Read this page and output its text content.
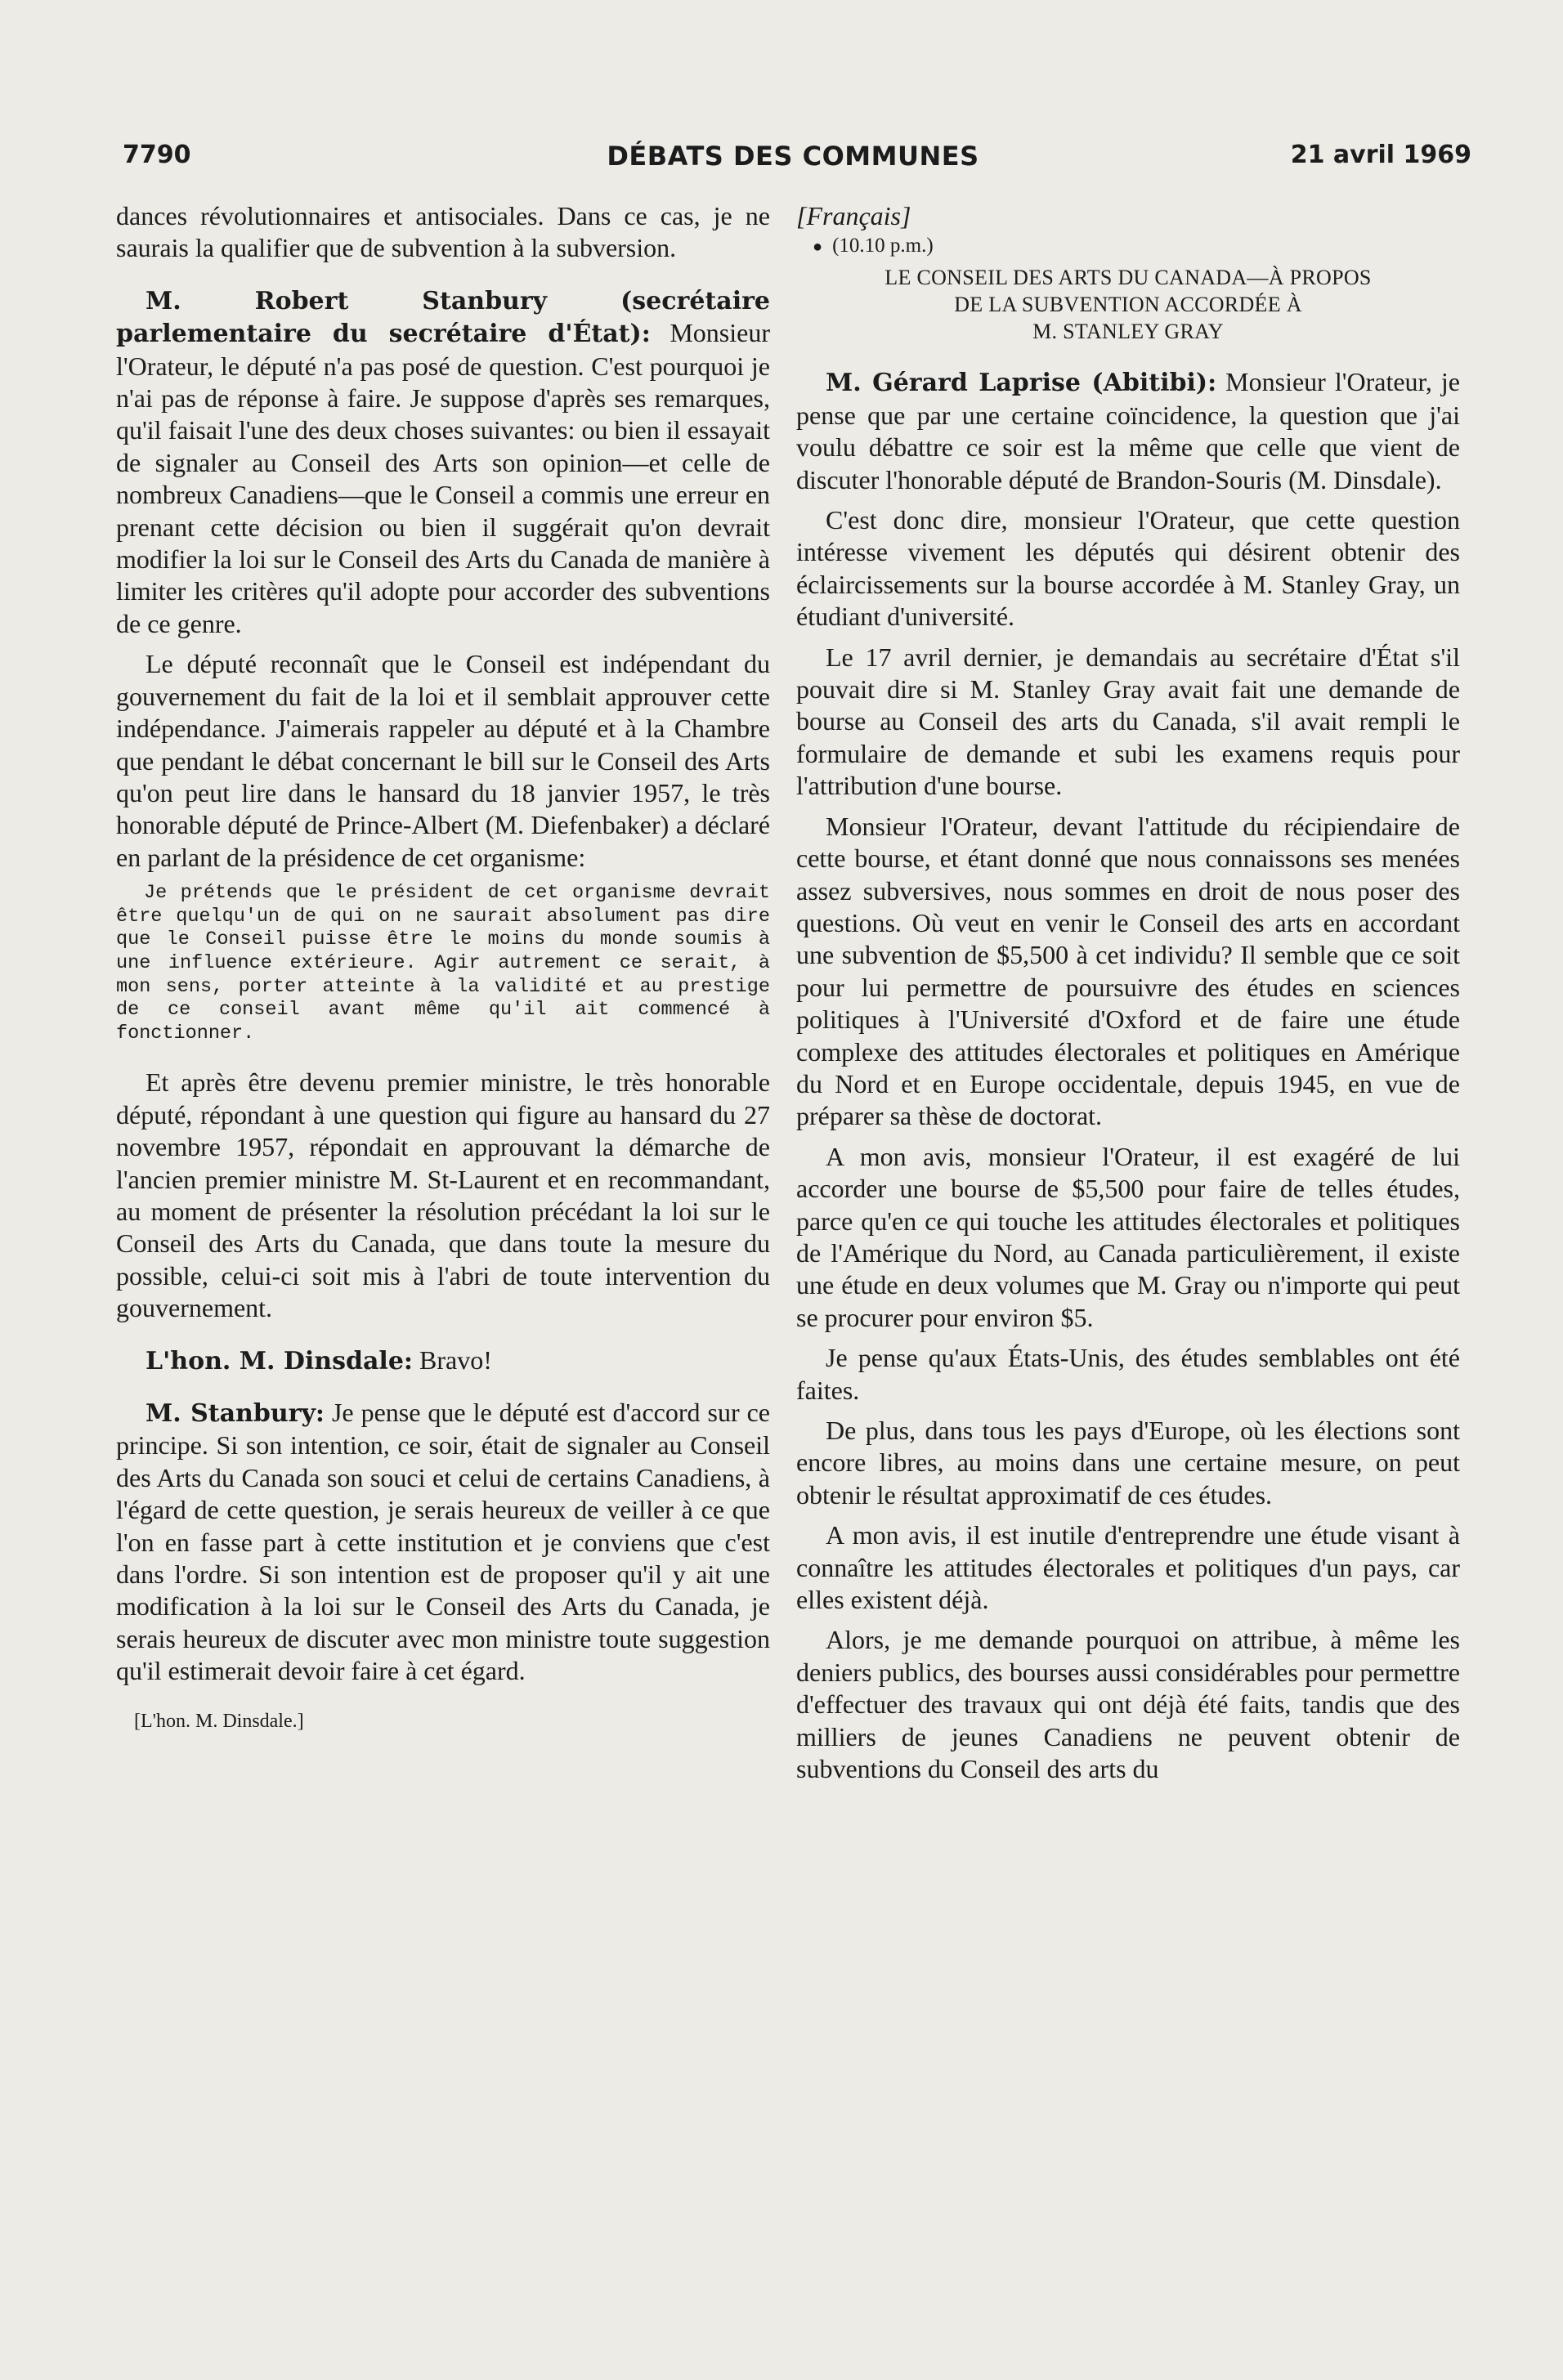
7790	DÉBATS DES COMMUNES	21 avril 1969

dances révolutionnaires et antisociales. Dans ce cas, je ne saurais la qualifier que de subvention à la subversion.

M. Robert Stanbury (secrétaire parlementaire du secrétaire d'État): Monsieur l'Orateur, le député n'a pas posé de question. C'est pourquoi je n'ai pas de réponse à faire. Je suppose d'après ses remarques, qu'il faisait l'une des deux choses suivantes: ou bien il essayait de signaler au Conseil des Arts son opinion—et celle de nombreux Canadiens—que le Conseil a commis une erreur en prenant cette décision ou bien il suggérait qu'on devrait modifier la loi sur le Conseil des Arts du Canada de manière à limiter les critères qu'il adopte pour accorder des subventions de ce genre.

Le député reconnaît que le Conseil est indépendant du gouvernement du fait de la loi et il semblait approuver cette indépendance. J'aimerais rappeler au député et à la Chambre que pendant le débat concernant le bill sur le Conseil des Arts qu'on peut lire dans le hansard du 18 janvier 1957, le très honorable député de Prince-Albert (M. Diefenbaker) a déclaré en parlant de la présidence de cet organisme:

Je prétends que le président de cet organisme devrait être quelqu'un de qui on ne saurait absolument pas dire que le Conseil puisse être le moins du monde soumis à une influence extérieure. Agir autrement ce serait, à mon sens, porter atteinte à la validité et au prestige de ce conseil avant même qu'il ait commencé à fonctionner.

Et après être devenu premier ministre, le très honorable député, répondant à une question qui figure au hansard du 27 novembre 1957, répondait en approuvant la démarche de l'ancien premier ministre M. St-Laurent et en recommandant, au moment de présenter la résolution précédant la loi sur le Conseil des Arts du Canada, que dans toute la mesure du possible, celui-ci soit mis à l'abri de toute intervention du gouvernement.

L'hon. M. Dinsdale: Bravo!

M. Stanbury: Je pense que le député est d'accord sur ce principe. Si son intention, ce soir, était de signaler au Conseil des Arts du Canada son souci et celui de certains Canadiens, à l'égard de cette question, je serais heureux de veiller à ce que l'on en fasse part à cette institution et je conviens que c'est dans l'ordre. Si son intention est de proposer qu'il y ait une modification à la loi sur le Conseil des Arts du Canada, je serais heureux de discuter avec mon ministre toute suggestion qu'il estimerait devoir faire à cet égard.

[L'hon. M. Dinsdale.]
[Français]
● (10.10 p.m.)
LE CONSEIL DES ARTS DU CANADA—À PROPOS
DE LA SUBVENTION ACCORDÉE À
M. STANLEY GRAY

M. Gérard Laprise (Abitibi): Monsieur l'Orateur, je pense que par une certaine coïncidence, la question que j'ai voulu débattre ce soir est la même que celle que vient de discuter l'honorable député de Brandon-Souris (M. Dinsdale).

C'est donc dire, monsieur l'Orateur, que cette question intéresse vivement les députés qui désirent obtenir des éclaircissements sur la bourse accordée à M. Stanley Gray, un étudiant d'université.

Le 17 avril dernier, je demandais au secrétaire d'État s'il pouvait dire si M. Stanley Gray avait fait une demande de bourse au Conseil des arts du Canada, s'il avait rempli le formulaire de demande et subi les examens requis pour l'attribution d'une bourse.

Monsieur l'Orateur, devant l'attitude du récipiendaire de cette bourse, et étant donné que nous connaissons ses menées assez subversives, nous sommes en droit de nous poser des questions. Où veut en venir le Conseil des arts en accordant une subvention de $5,500 à cet individu? Il semble que ce soit pour lui permettre de poursuivre des études en sciences politiques à l'Université d'Oxford et de faire une étude complexe des attitudes électorales et politiques en Amérique du Nord et en Europe occidentale, depuis 1945, en vue de préparer sa thèse de doctorat.

A mon avis, monsieur l'Orateur, il est exagéré de lui accorder une bourse de $5,500 pour faire de telles études, parce qu'en ce qui touche les attitudes électorales et politiques de l'Amérique du Nord, au Canada particulièrement, il existe une étude en deux volumes que M. Gray ou n'importe qui peut se procurer pour environ $5.

Je pense qu'aux États-Unis, des études semblables ont été faites.

De plus, dans tous les pays d'Europe, où les élections sont encore libres, au moins dans une certaine mesure, on peut obtenir le résultat approximatif de ces études.

A mon avis, il est inutile d'entreprendre une étude visant à connaître les attitudes électorales et politiques d'un pays, car elles existent déjà.

Alors, je me demande pourquoi on attribue, à même les deniers publics, des bourses aussi considérables pour permettre d'effectuer des travaux qui ont déjà été faits, tandis que des milliers de jeunes Canadiens ne peuvent obtenir de subventions du Conseil des arts du
